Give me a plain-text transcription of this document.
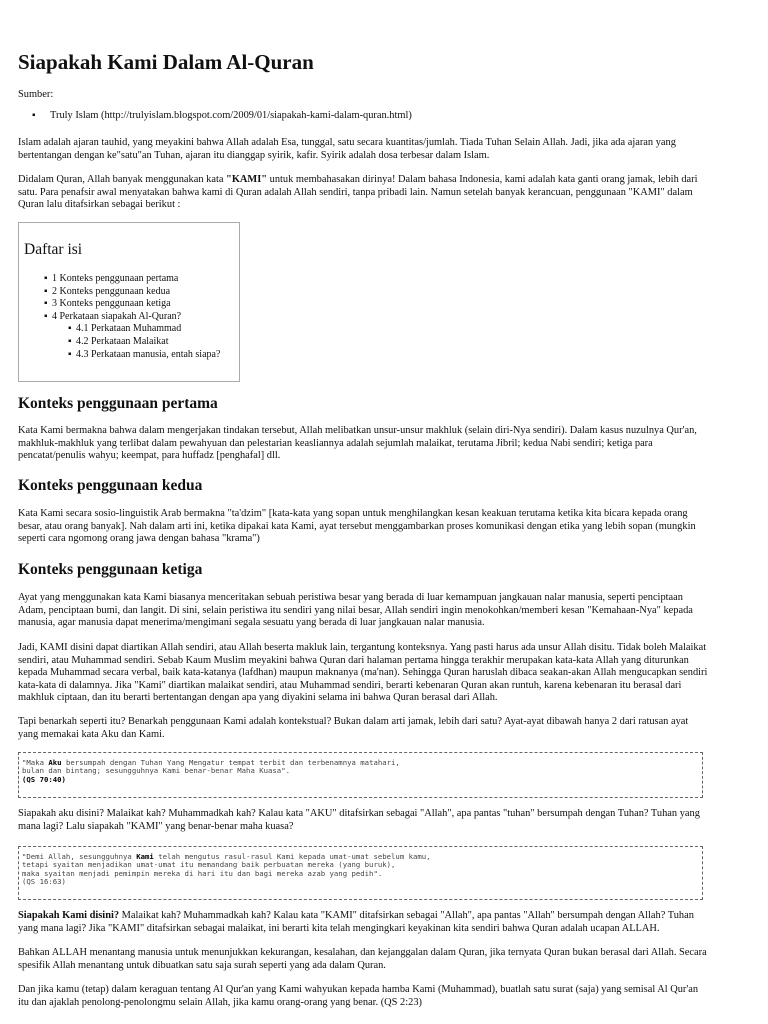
Siapakah Kami Dalam Al-Quran
Sumber:
▪ Truly Islam (http://trulyislam.blogspot.com/2009/01/siapakah-kami-dalam-quran.html)

Islam adalah ajaran tauhid, yang meyakini bahwa Allah adalah Esa, tunggal, satu secara kuantitas/jumlah. Tiada Tuhan Selain Allah. Jadi, jika ada ajaran yang bertentangan dengan ke"satu"an Tuhan, ajaran itu dianggap syirik, kafir. Syirik adalah dosa terbesar dalam Islam.

Didalam Quran, Allah banyak menggunakan kata "KAMI" untuk membahasakan dirinya! Dalam bahasa Indonesia, kami adalah kata ganti orang jamak, lebih dari satu. Para penafsir awal menyatakan bahwa kami di Quran adalah Allah sendiri, tanpa pribadi lain. Namun setelah banyak kerancuan, penggunaan "KAMI" dalam Quran lalu ditafsirkan sebagai berikut :

Daftar isi
▪ 1 Konteks penggunaan pertama
▪ 2 Konteks penggunaan kedua
▪ 3 Konteks penggunaan ketiga
▪ 4 Perkataan siapakah Al-Quran?
▪ 4.1 Perkataan Muhammad
▪ 4.2 Perkataan Malaikat
▪ 4.3 Perkataan manusia, entah siapa?
Konteks penggunaan pertama

Kata Kami bermakna bahwa dalam mengerjakan tindakan tersebut, Allah melibatkan unsur-unsur makhluk (selain diri-Nya sendiri). Dalam kasus nuzulnya Qur'an, makhluk-makhluk yang terlibat dalam pewahyuan dan pelestarian keasliannya adalah sejumlah malaikat, terutama Jibril; kedua Nabi sendiri; ketiga para pencatat/penulis wahyu; keempat, para huffadz [penghafal] dll.

Konteks penggunaan kedua

Kata Kami secara sosio-linguistik Arab bermakna "ta'dzim" [kata-kata yang sopan untuk menghilangkan kesan keakuan terutama ketika kita bicara kepada orang besar, atau orang banyak]. Nah dalam arti ini, ketika dipakai kata Kami, ayat tersebut menggambarkan proses komunikasi dengan etika yang lebih sopan (mungkin seperti cara ngomong orang jawa dengan bahasa "krama")

Konteks penggunaan ketiga

Ayat yang menggunakan kata Kami biasanya menceritakan sebuah peristiwa besar yang berada di luar kemampuan jangkauan nalar manusia, seperti penciptaan Adam, penciptaan bumi, dan langit. Di sini, selain peristiwa itu sendiri yang nilai besar, Allah sendiri ingin menokohkan/memberi kesan "Kemahaan-Nya" kepada manusia, agar manusia dapat menerima/mengimani segala sesuatu yang berada di luar jangkauan nalar manusia.

Jadi, KAMI disini dapat diartikan Allah sendiri, atau Allah beserta makluk lain, tergantung konteksnya. Yang pasti harus ada unsur Allah disitu. Tidak boleh Malaikat sendiri, atau Muhammad sendiri. Sebab Kaum Muslim meyakini bahwa Quran dari halaman pertama hingga terakhir merupakan kata-kata Allah yang diturunkan kepada Muhammad secara verbal, baik kata-katanya (lafdhan) maupun maknanya (ma'nan). Sehingga Quran haruslah dibaca seakan-akan Allah mengucapkan sendiri kata-kata di dalamnya. Jika "Kami" diartikan malaikat sendiri, atau Muhammad sendiri, berarti kebenaran Quran akan runtuh, karena kebenaran itu berasal dari makhluk ciptaan, dan itu berarti bertentangan dengan apa yang diyakini selama ini bahwa Quran berasal dari Allah.

Tapi benarkah seperti itu? Benarkah penggunaan Kami adalah kontekstual? Bukan dalam arti jamak, lebih dari satu? Ayat-ayat dibawah hanya 2 dari ratusan ayat yang memakai kata Aku dan Kami.

"Maka Aku bersumpah dengan Tuhan Yang Mengatur tempat terbit dan terbenamnya matahari,
bulan dan bintang; sesungguhnya Kami benar-benar Maha Kuasa".
(QS 70:40)

Siapakah aku disini? Malaikat kah? Muhammadkah kah? Kalau kata "AKU" ditafsirkan sebagai "Allah", apa pantas "tuhan" bersumpah dengan Tuhan? Tuhan yang mana lagi? Lalu siapakah "KAMI" yang benar-benar maha kuasa?

"Demi Allah, sesungguhnya Kami telah mengutus rasul-rasul Kami kepada umat-umat sebelum kamu,
tetapi syaitan menjadikan umat-umat itu memandang baik perbuatan mereka (yang buruk),
maka syaitan menjadi pemimpin mereka di hari itu dan bagi mereka azab yang pedih".
(QS 16:63)

Siapakah Kami disini? Malaikat kah? Muhammadkah kah? Kalau kata "KAMI" ditafsirkan sebagai "Allah", apa pantas "Allah" bersumpah dengan Allah? Tuhan yang mana lagi? Jika "KAMI" ditafsirkan sebagai malaikat, ini berarti kita telah mengingkari keyakinan kita sendiri bahwa Quran adalah ucapan ALLAH.

Bahkan ALLAH menantang manusia untuk menunjukkan kekurangan, kesalahan, dan kejanggalan dalam Quran, jika ternyata Quran bukan berasal dari Allah. Secara spesifik Allah menantang untuk dibuatkan satu saja surah seperti yang ada dalam Quran.

Dan jika kamu (tetap) dalam keraguan tentang Al Qur'an yang Kami wahyukan kepada hamba Kami (Muhammad), buatlah satu surat (saja) yang semisal Al Qur'an itu dan ajaklah penolong-penolongmu selain Allah, jika kamu orang-orang yang benar. (QS 2:23)
